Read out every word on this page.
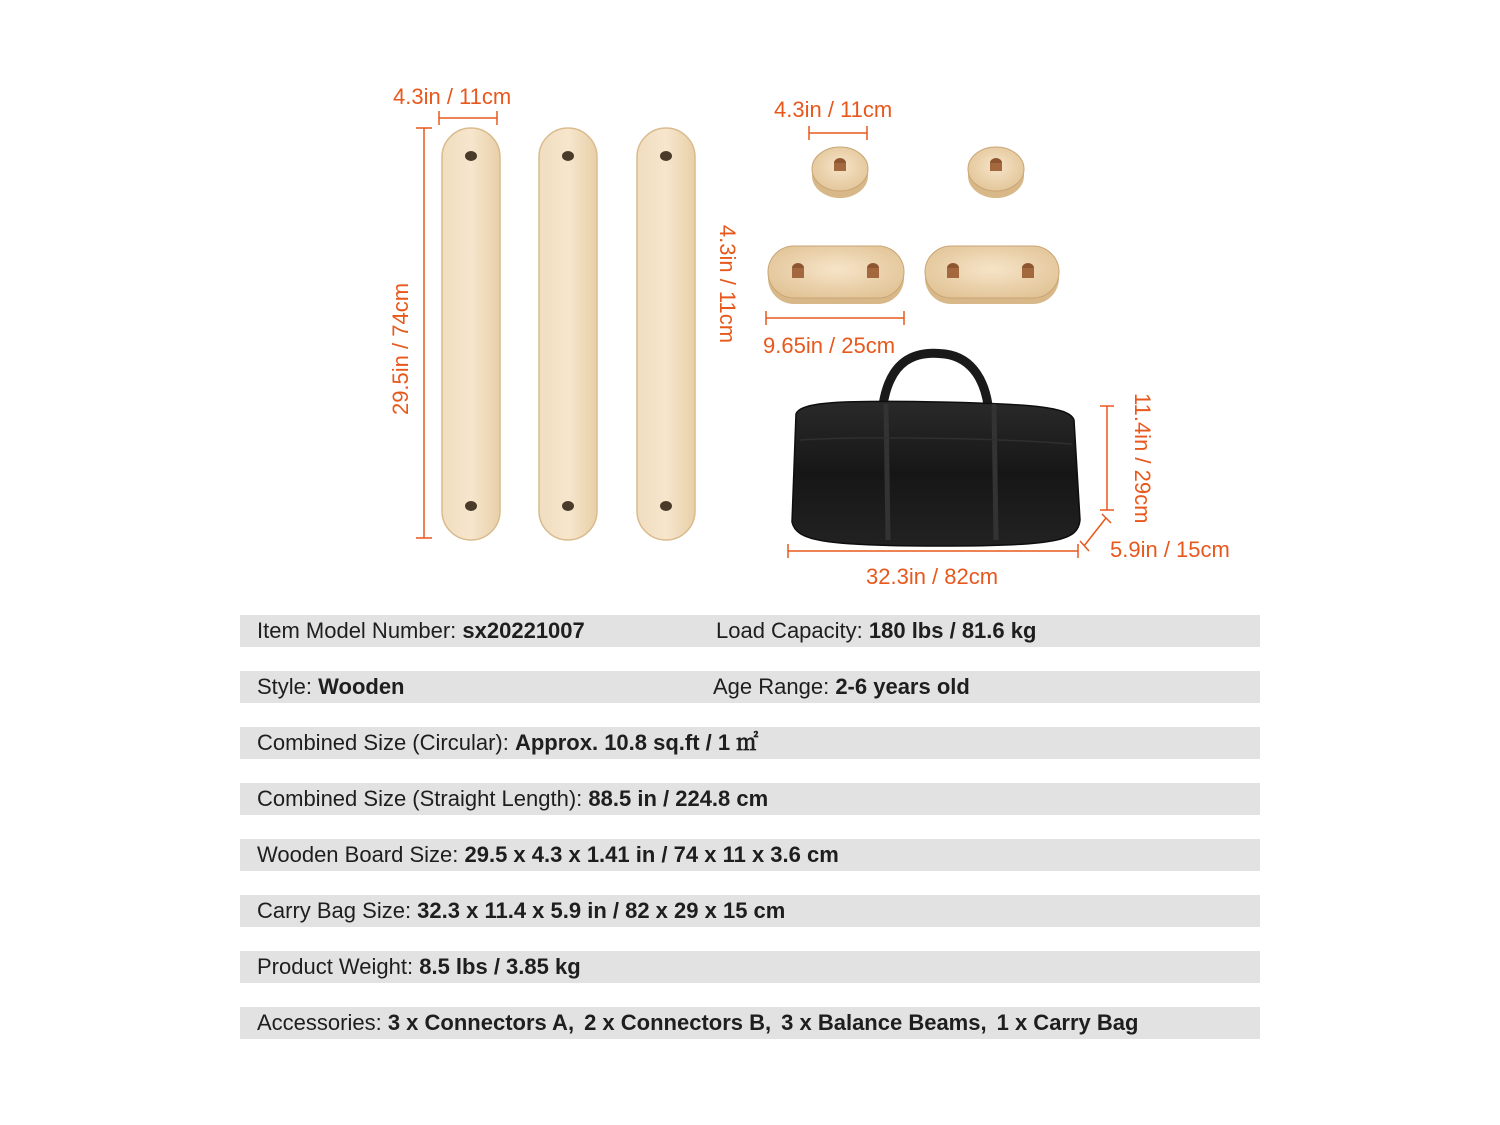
4.3in / 11cm
29.5in / 74cm
4.3in / 11cm
4.3in / 11cm
9.65in / 25cm
11.4in / 29cm
5.9in / 15cm
32.3in / 82cm
Item Model Number: sx20221007	Load Capacity: 180 lbs / 81.6 kg
Style: Wooden	Age Range: 2-6 years old
Combined Size (Circular): Approx. 10.8 sq.ft / 1 ㎡
Combined Size (Straight Length): 88.5 in / 224.8 cm
Wooden Board Size: 29.5 x 4.3 x 1.41 in / 74 x 11 x 3.6 cm
Carry Bag Size: 32.3 x 11.4 x 5.9 in / 82 x 29 x 15 cm
Product Weight: 8.5 lbs / 3.85 kg
Accessories: 3 x Connectors A, 2 x Connectors B, 3 x Balance Beams, 1 x Carry Bag
